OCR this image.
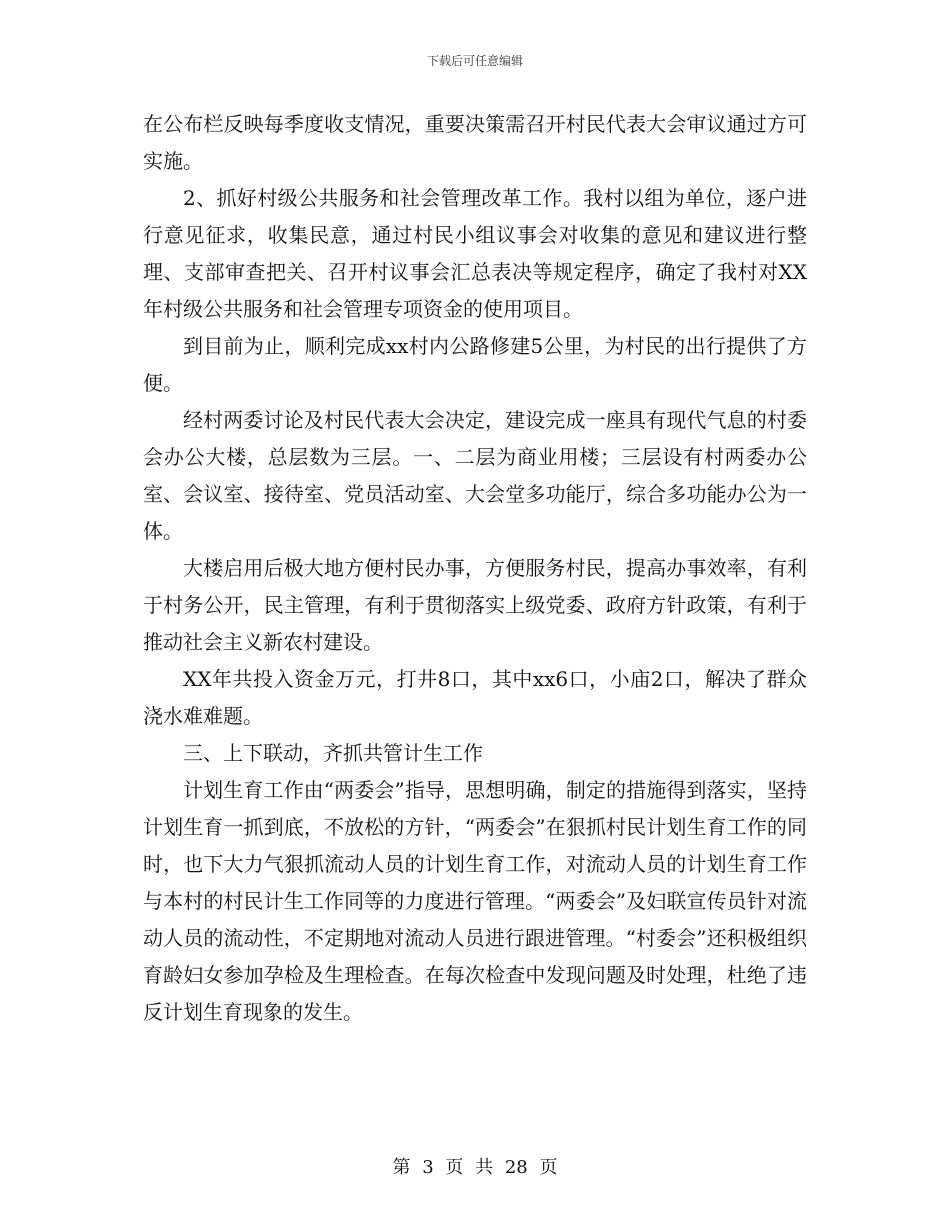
下载后可任意编辑

在公布栏反映每季度收支情况，重要决策需召开村民代表大会审议通过方可实施。

2、抓好村级公共服务和社会管理改革工作。我村以组为单位，逐户进行意见征求，收集民意，通过村民小组议事会对收集的意见和建议进行整理、支部审查把关、召开村议事会汇总表决等规定程序，确定了我村对XX年村级公共服务和社会管理专项资金的使用项目。

到目前为止，顺利完成xx村内公路修建5公里，为村民的出行提供了方便。

经村两委讨论及村民代表大会决定，建设完成一座具有现代气息的村委会办公大楼，总层数为三层。一、二层为商业用楼；三层设有村两委办公室、会议室、接待室、党员活动室、大会堂多功能厅，综合多功能办公为一体。

大楼启用后极大地方便村民办事，方便服务村民，提高办事效率，有利于村务公开，民主管理，有利于贯彻落实上级党委、政府方针政策，有利于推动社会主义新农村建设。

XX年共投入资金万元，打井8口，其中xx6口，小庙2口，解决了群众浇水难难题。

三、上下联动，齐抓共管计生工作

计划生育工作由“两委会”指导，思想明确，制定的措施得到落实，坚持计划生育一抓到底，不放松的方针，“两委会”在狠抓村民计划生育工作的同时，也下大力气狠抓流动人员的计划生育工作，对流动人员的计划生育工作与本村的村民计生工作同等的力度进行管理。“两委会”及妇联宣传员针对流动人员的流动性，不定期地对流动人员进行跟进管理。“村委会”还积极组织育龄妇女参加孕检及生理检查。在每次检查中发现问题及时处理，杜绝了违反计划生育现象的发生。

第 3 页 共 28 页
